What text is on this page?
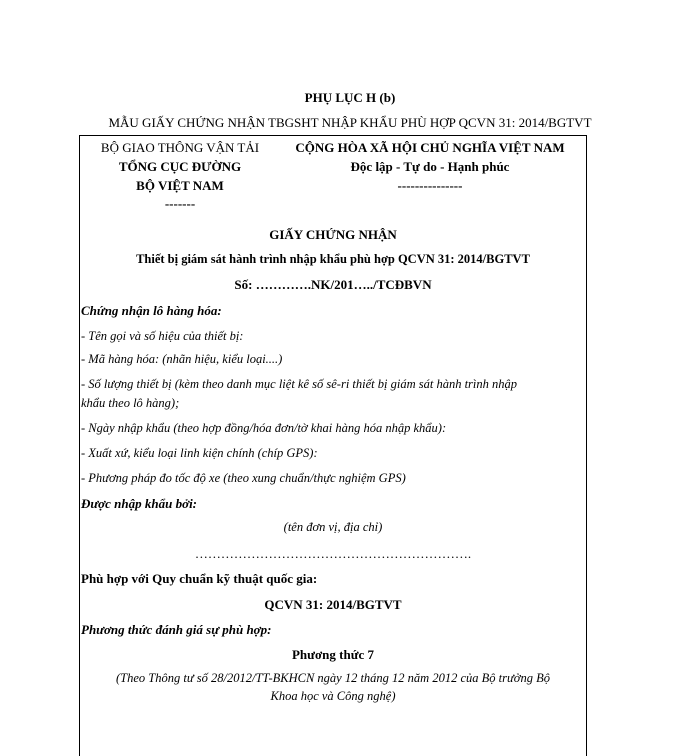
PHỤ LỤC H (b)
MẪU GIẤY CHỨNG NHẬN TBGSHT NHẬP KHẨU PHÙ HỢP QCVN 31: 2014/BGTVT
BỘ GIAO THÔNG VẬN TẢI
TỔNG CỤC ĐƯỜNG
BỘ VIỆT NAM
-------
CỘNG HÒA XÃ HỘI CHỦ NGHĨA VIỆT NAM
Độc lập - Tự do - Hạnh phúc
---------------
GIẤY CHỨNG NHẬN
Thiết bị giám sát hành trình nhập khẩu phù hợp QCVN 31: 2014/BGTVT
Số: ………….NK/201…../TCĐBVN
Chứng nhận lô hàng hóa:
- Tên gọi và số hiệu của thiết bị:
- Mã hàng hóa: (nhãn hiệu, kiểu loại....)
- Số lượng thiết bị (kèm theo danh mục liệt kê số sê-ri thiết bị giám sát hành trình nhập
khẩu theo lô hàng);
- Ngày nhập khẩu (theo hợp đồng/hóa đơn/tờ khai hàng hóa nhập khẩu):
- Xuất xứ, kiểu loại linh kiện chính (chíp GPS):
- Phương pháp đo tốc độ xe (theo xung chuẩn/thực nghiệm GPS)
Được nhập khẩu bởi:
(tên đơn vị, địa chỉ)
……………………………………………………….
Phù hợp với Quy chuẩn kỹ thuật quốc gia:
QCVN 31: 2014/BGTVT
Phương thức đánh giá sự phù hợp:
Phương thức 7
(Theo Thông tư số 28/2012/TT-BKHCN ngày 12 tháng 12 năm 2012 của Bộ trưởng Bộ
Khoa học và Công nghệ)
